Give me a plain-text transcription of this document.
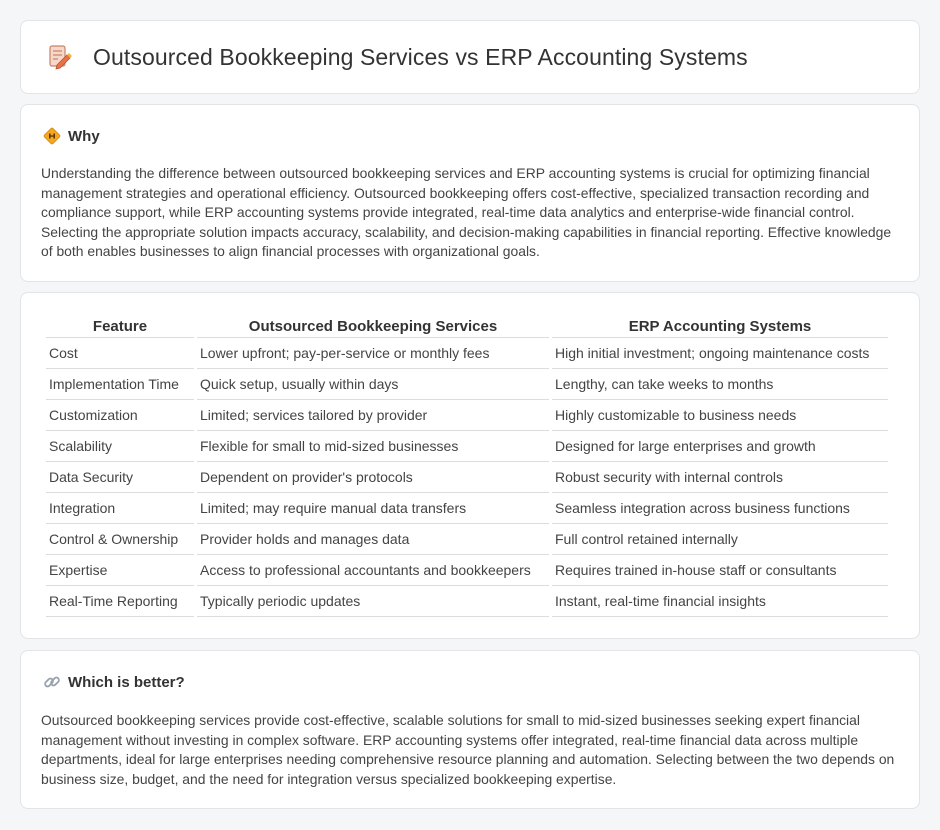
Outsourced Bookkeeping Services vs ERP Accounting Systems
Why

Understanding the difference between outsourced bookkeeping services and ERP accounting systems is crucial for optimizing financial management strategies and operational efficiency. Outsourced bookkeeping offers cost-effective, specialized transaction recording and compliance support, while ERP accounting systems provide integrated, real-time data analytics and enterprise-wide financial control. Selecting the appropriate solution impacts accuracy, scalability, and decision-making capabilities in financial reporting. Effective knowledge of both enables businesses to align financial processes with organizational goals.

Feature	Outsourced Bookkeeping Services	ERP Accounting Systems
Cost	Lower upfront; pay-per-service or monthly fees	High initial investment; ongoing maintenance costs
Implementation Time	Quick setup, usually within days	Lengthy, can take weeks to months
Customization	Limited; services tailored by provider	Highly customizable to business needs
Scalability	Flexible for small to mid-sized businesses	Designed for large enterprises and growth
Data Security	Dependent on provider's protocols	Robust security with internal controls
Integration	Limited; may require manual data transfers	Seamless integration across business functions
Control & Ownership	Provider holds and manages data	Full control retained internally
Expertise	Access to professional accountants and bookkeepers	Requires trained in-house staff or consultants
Real-Time Reporting	Typically periodic updates	Instant, real-time financial insights
Which is better?

Outsourced bookkeeping services provide cost-effective, scalable solutions for small to mid-sized businesses seeking expert financial management without investing in complex software. ERP accounting systems offer integrated, real-time financial data across multiple departments, ideal for large enterprises needing comprehensive resource planning and automation. Selecting between the two depends on business size, budget, and the need for integration versus specialized bookkeeping expertise.
